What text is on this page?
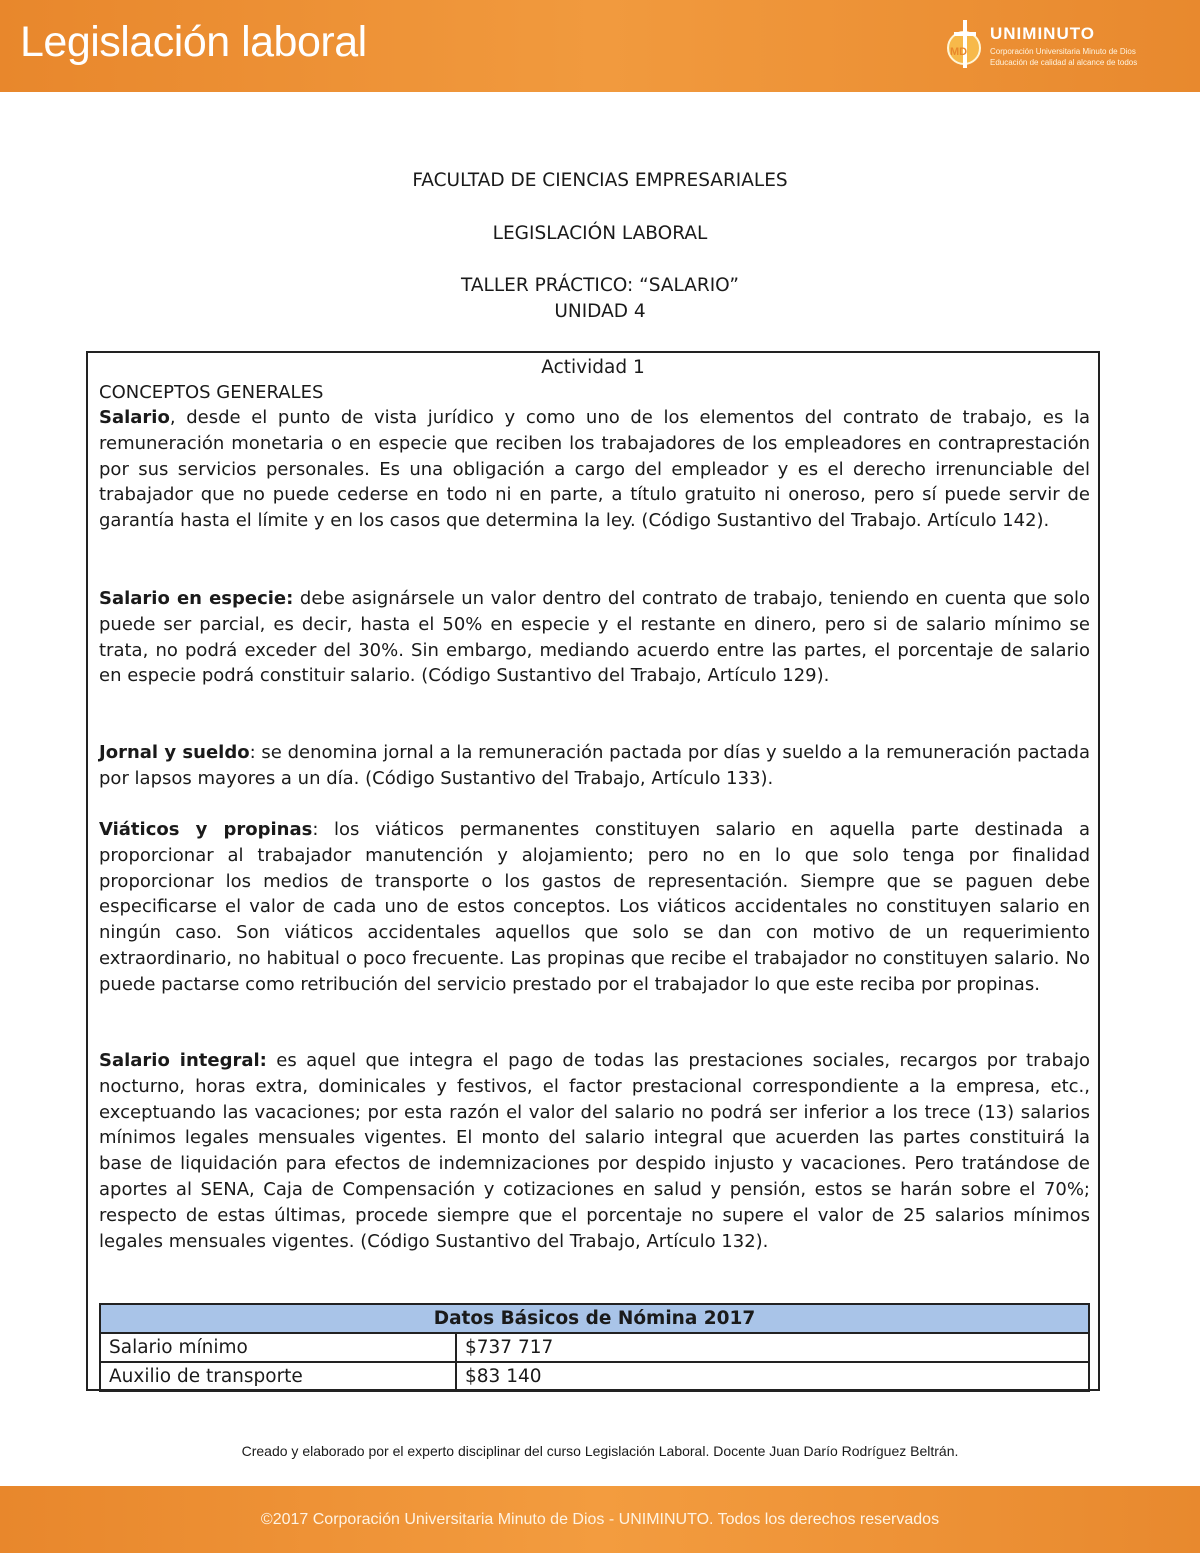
Legislación laboral	MD
UNIMINUTO
Corporación Universitaria Minuto de Dios
Educación de calidad al alcance de todos
FACULTAD DE CIENCIAS EMPRESARIALES
LEGISLACIÓN LABORAL
TALLER PRÁCTICO: “SALARIO”
UNIDAD 4
Actividad 1
CONCEPTOS GENERALES
Salario, desde el punto de vista jurídico y como uno de los elementos del contrato de trabajo, es la remuneración monetaria o en especie que reciben los trabajadores de los empleadores en contraprestación por sus servicios personales. Es una obligación a cargo del empleador y es el derecho irrenunciable del trabajador que no puede cederse en todo ni en parte, a título gratuito ni oneroso, pero sí puede servir de garantía hasta el límite y en los casos que determina la ley. (Código Sustantivo del Trabajo. Artículo 142).
Salario en especie: debe asignársele un valor dentro del contrato de trabajo, teniendo en cuenta que solo puede ser parcial, es decir, hasta el 50% en especie y el restante en dinero, pero si de salario mínimo se trata, no podrá exceder del 30%. Sin embargo, mediando acuerdo entre las partes, el porcentaje de salario en especie podrá constituir salario. (Código Sustantivo del Trabajo, Artículo 129).
Jornal y sueldo: se denomina jornal a la remuneración pactada por días y sueldo a la remuneración pactada por lapsos mayores a un día. (Código Sustantivo del Trabajo, Artículo 133).
Viáticos y propinas: los viáticos permanentes constituyen salario en aquella parte destinada a proporcionar al trabajador manutención y alojamiento; pero no en lo que solo tenga por finalidad proporcionar los medios de transporte o los gastos de representación. Siempre que se paguen debe especificarse el valor de cada uno de estos conceptos. Los viáticos accidentales no constituyen salario en ningún caso. Son viáticos accidentales aquellos que solo se dan con motivo de un requerimiento extraordinario, no habitual o poco frecuente. Las propinas que recibe el trabajador no constituyen salario. No puede pactarse como retribución del servicio prestado por el trabajador lo que este reciba por propinas.
Salario integral: es aquel que integra el pago de todas las prestaciones sociales, recargos por trabajo nocturno, horas extra, dominicales y festivos, el factor prestacional correspondiente a la empresa, etc., exceptuando las vacaciones; por esta razón el valor del salario no podrá ser inferior a los trece (13) salarios mínimos legales mensuales vigentes. El monto del salario integral que acuerden las partes constituirá la base de liquidación para efectos de indemnizaciones por despido injusto y vacaciones. Pero tratándose de aportes al SENA, Caja de Compensación y cotizaciones en salud y pensión, estos se harán sobre el 70%; respecto de estas últimas, procede siempre que el porcentaje no supere el valor de 25 salarios mínimos legales mensuales vigentes. (Código Sustantivo del Trabajo, Artículo 132).
Datos Básicos de Nómina 2017	
Salario mínimo	$737 717
Auxilio de transporte	$83 140
Creado y elaborado por el experto disciplinar del curso Legislación Laboral. Docente Juan Darío Rodríguez Beltrán.
©2017 Corporación Universitaria Minuto de Dios - UNIMINUTO. Todos los derechos reservados
